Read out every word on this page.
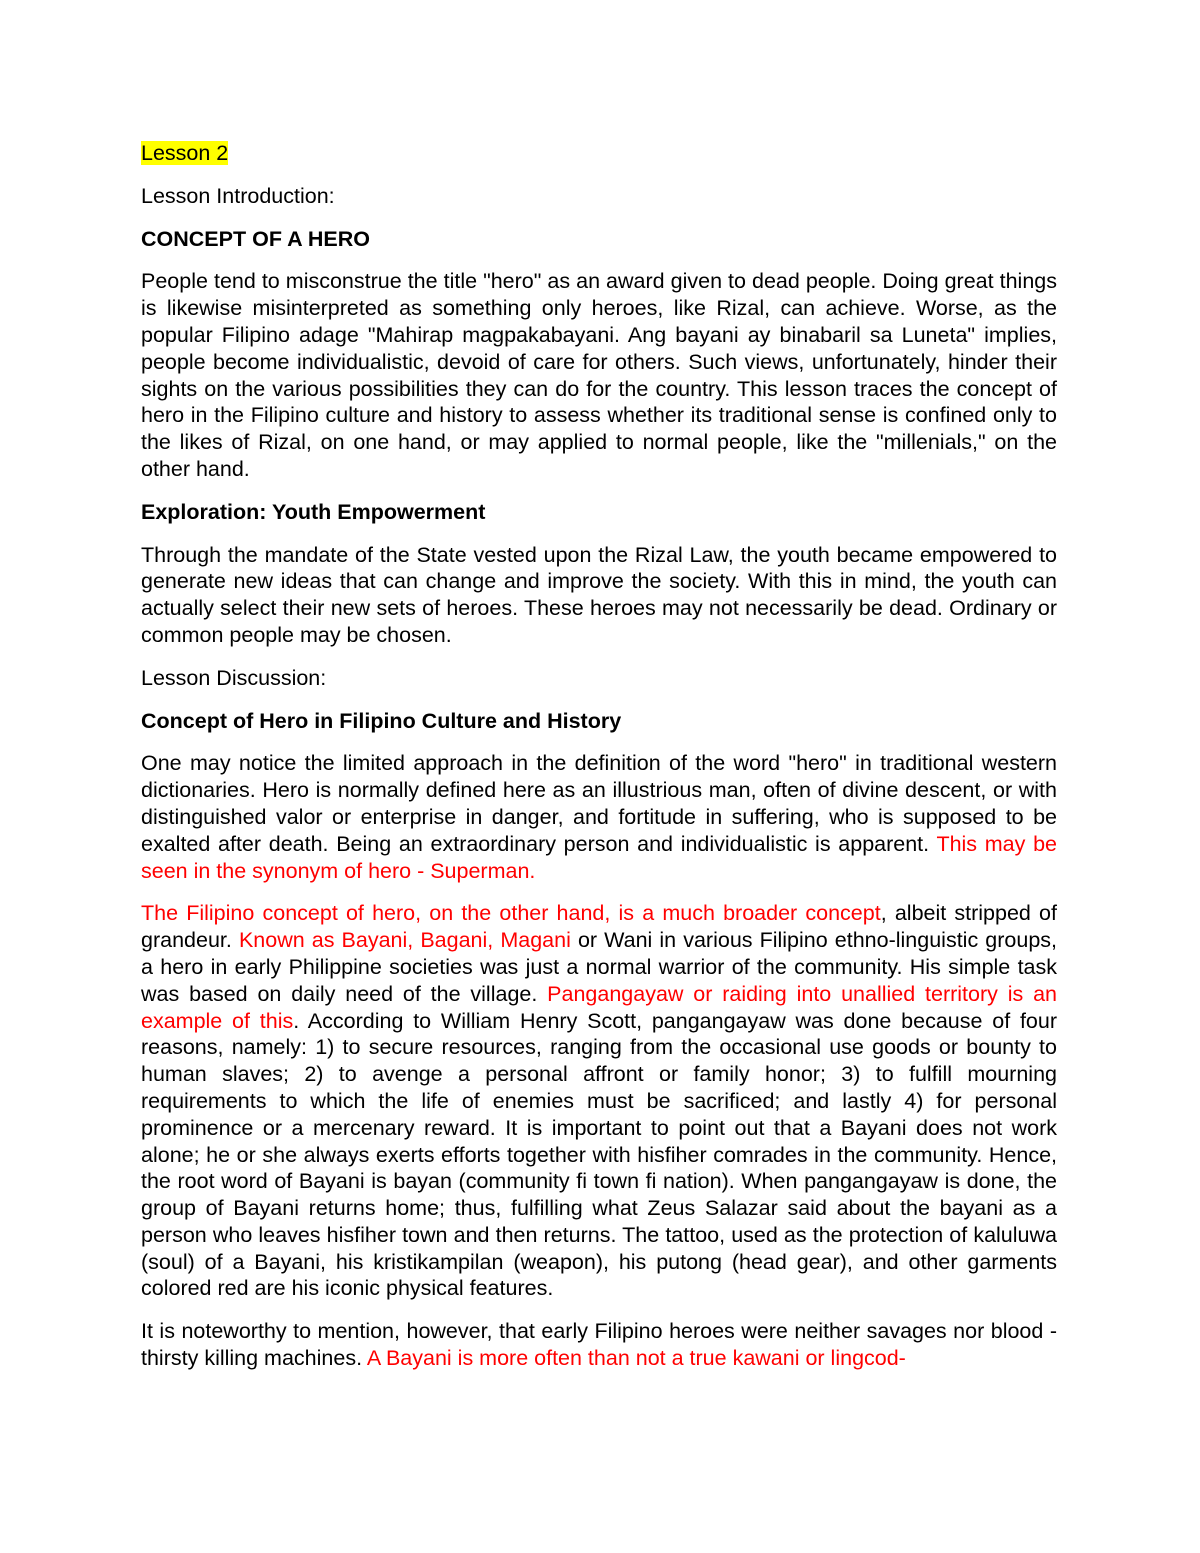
Lesson 2

Lesson Introduction:

CONCEPT OF A HERO

People tend to misconstrue the title "hero" as an award given to dead people. Doing great things is likewise misinterpreted as something only heroes, like Rizal, can achieve. Worse, as the popular Filipino adage "Mahirap magpakabayani. Ang bayani ay binabaril sa Luneta" implies, people become individualistic, devoid of care for others. Such views, unfortunately, hinder their sights on the various possibilities they can do for the country. This lesson traces the concept of hero in the Filipino culture and history to assess whether its traditional sense is confined only to the likes of Rizal, on one hand, or may applied to normal people, like the "millenials," on the other hand.

Exploration: Youth Empowerment

Through the mandate of the State vested upon the Rizal Law, the youth became empowered to generate new ideas that can change and improve the society. With this in mind, the youth can actually select their new sets of heroes. These heroes may not necessarily be dead. Ordinary or common people may be chosen.

Lesson Discussion:

Concept of Hero in Filipino Culture and History

One may notice the limited approach in the definition of the word "hero" in traditional western dictionaries. Hero is normally defined here as an illustrious man, often of divine descent, or with distinguished valor or enterprise in danger, and fortitude in suffering, who is supposed to be exalted after death. Being an extraordinary person and individualistic is apparent. This may be seen in the synonym of hero - Superman.

The Filipino concept of hero, on the other hand, is a much broader concept, albeit stripped of grandeur. Known as Bayani, Bagani, Magani or Wani in various Filipino ethno-linguistic groups, a hero in early Philippine societies was just a normal warrior of the community. His simple task was based on daily need of the village. Pangangayaw or raiding into unallied territory is an example of this. According to William Henry Scott, pangangayaw was done because of four reasons, namely: 1) to secure resources, ranging from the occasional use goods or bounty to human slaves; 2) to avenge a personal affront or family honor; 3) to fulfill mourning requirements to which the life of enemies must be sacrificed; and lastly 4) for personal prominence or a mercenary reward. It is important to point out that a Bayani does not work alone; he or she always exerts efforts together with hisfiher comrades in the community. Hence, the root word of Bayani is bayan (community fi town fi nation). When pangangayaw is done, the group of Bayani returns home; thus, fulfilling what Zeus Salazar said about the bayani as a person who leaves hisfiher town and then returns. The tattoo, used as the protection of kaluluwa (soul) of a Bayani, his kristikampilan (weapon), his putong (head gear), and other garments colored red are his iconic physical features.

It is noteworthy to mention, however, that early Filipino heroes were neither savages nor blood -thirsty killing machines. A Bayani is more often than not a true kawani or lingcod-
